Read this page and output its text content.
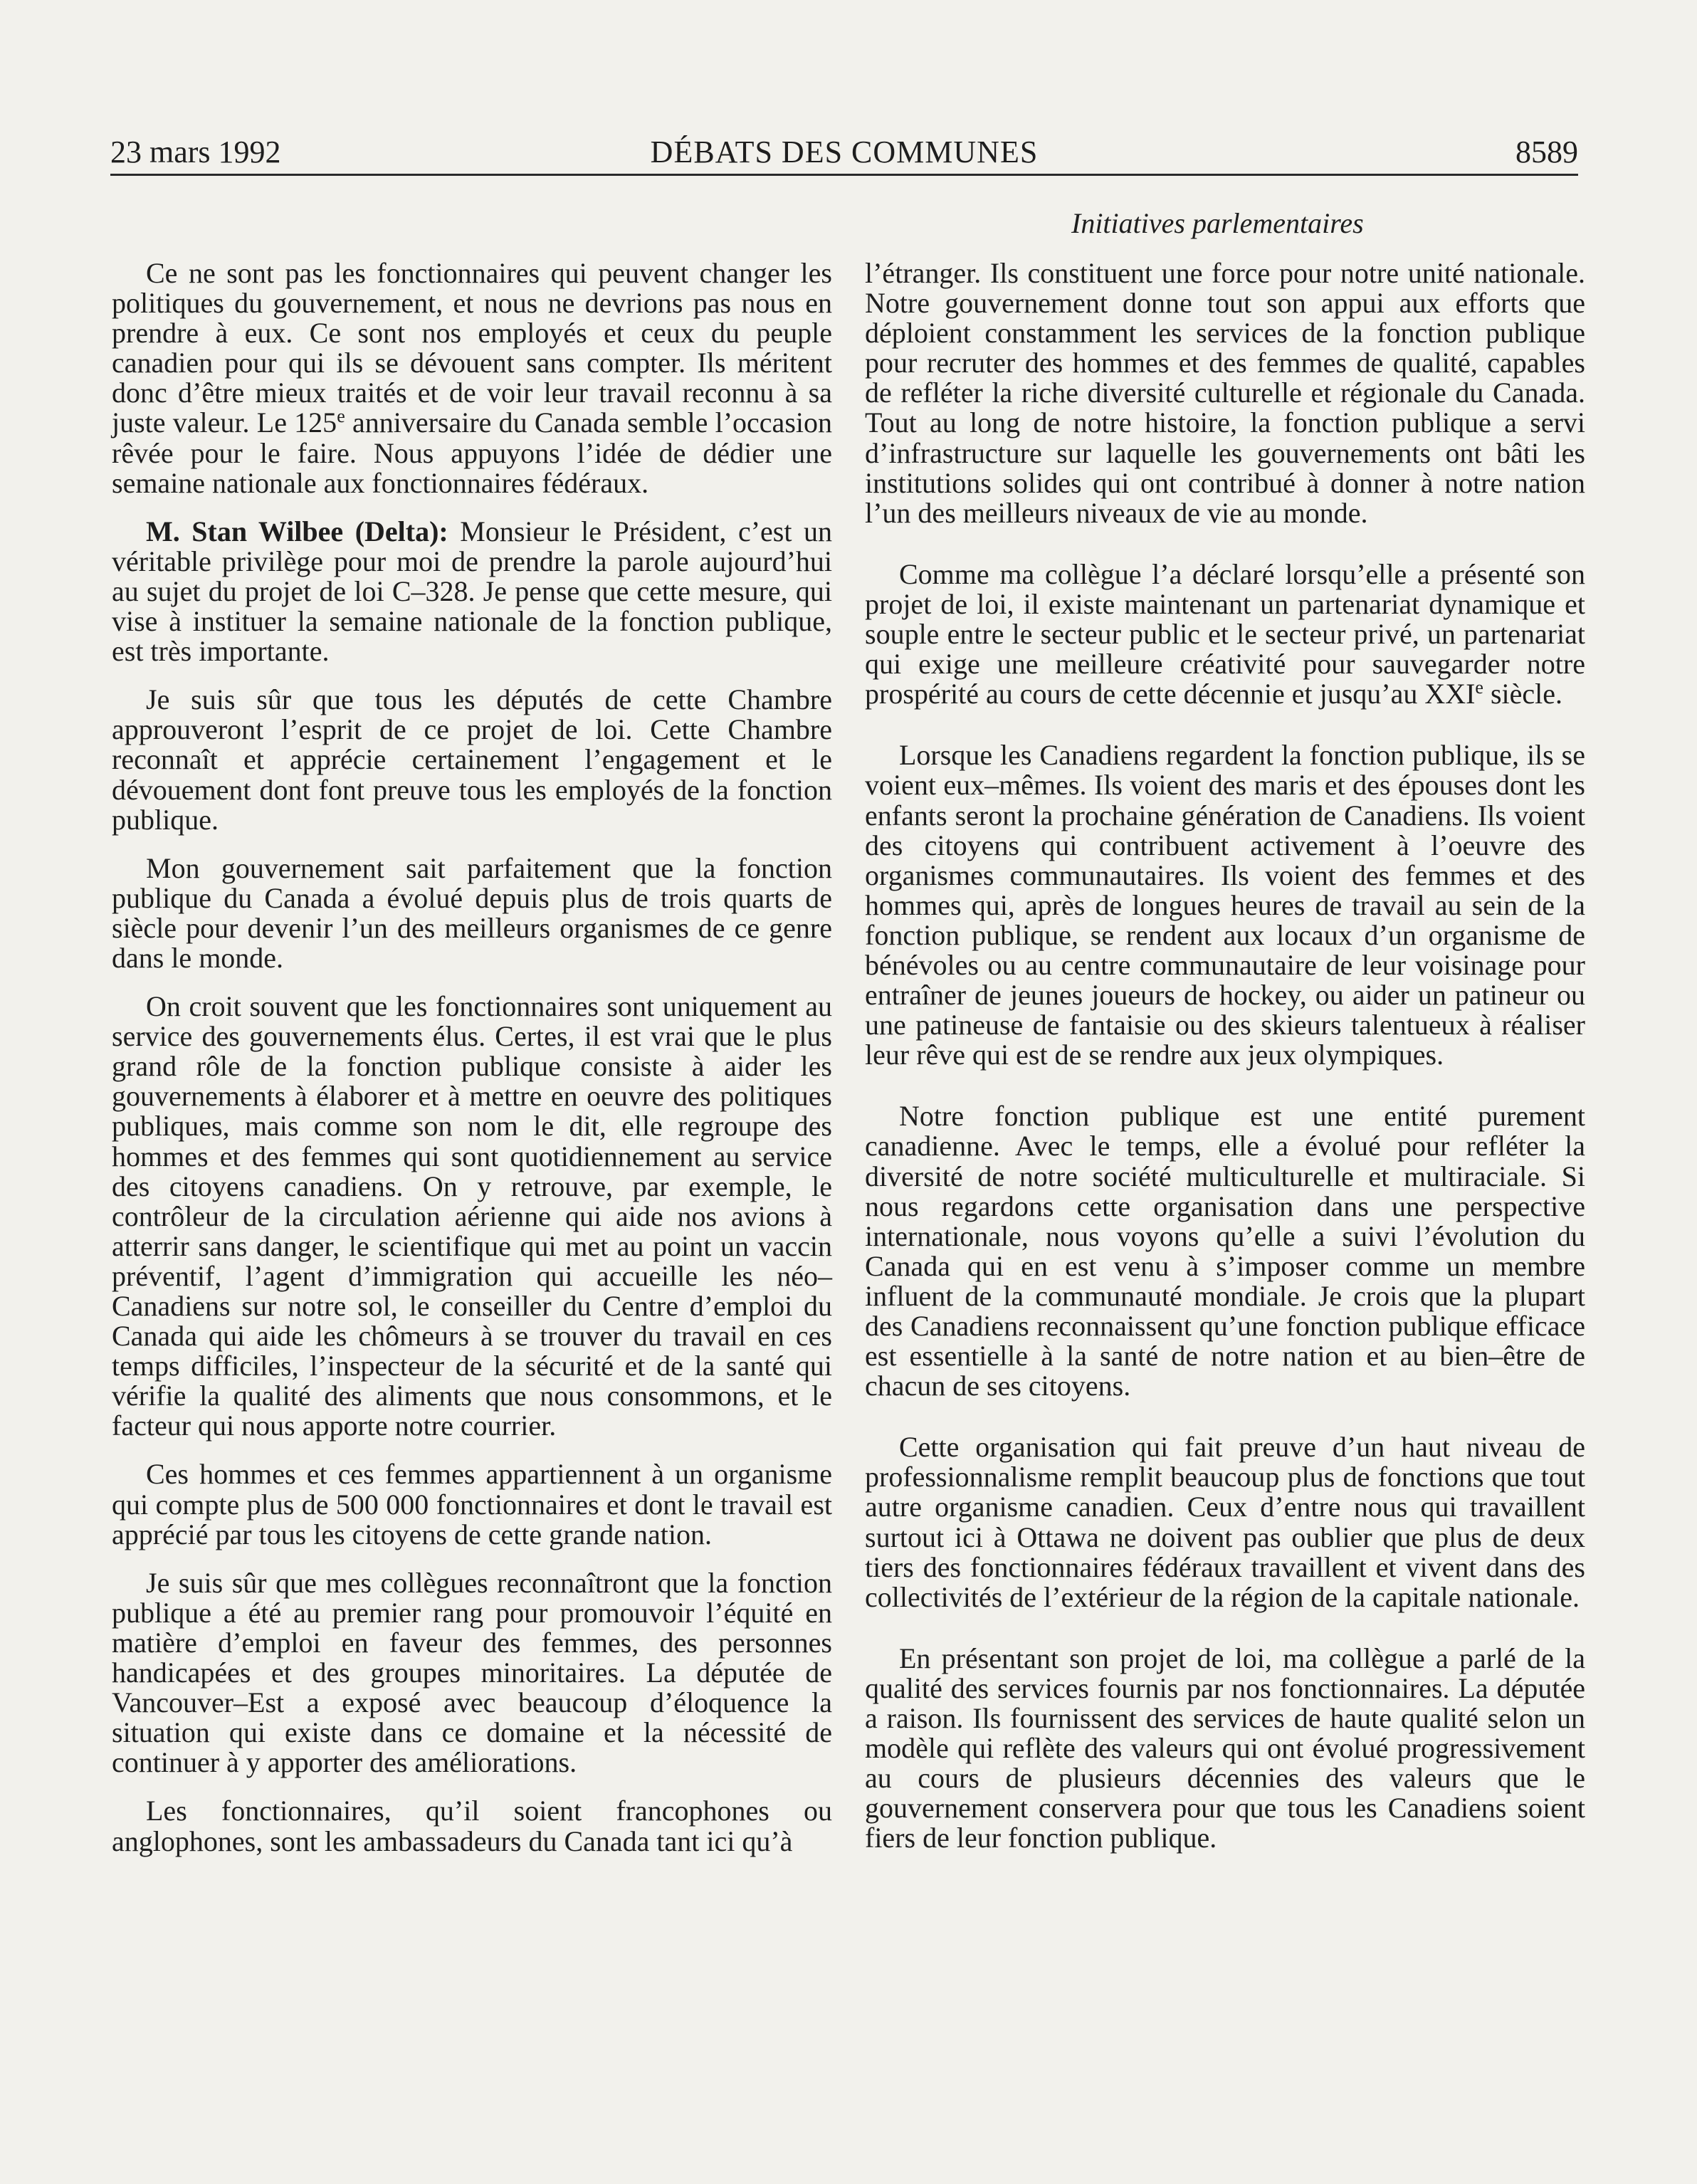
23 mars 1992	DÉBATS DES COMMUNES	8589
Initiatives parlementaires

Ce ne sont pas les fonctionnaires qui peuvent changer les politiques du gouvernement, et nous ne devrions pas nous en prendre à eux. Ce sont nos employés et ceux du peuple canadien pour qui ils se dévouent sans compter. Ils méritent donc d’être mieux traités et de voir leur travail reconnu à sa juste valeur. Le 125e anniversaire du Canada semble l’occasion rêvée pour le faire. Nous appuyons l’idée de dédier une semaine nationale aux fonctionnaires fédéraux.

M. Stan Wilbee (Delta): Monsieur le Président, c’est un véritable privilège pour moi de prendre la parole aujourd’hui au sujet du projet de loi C–328. Je pense que cette mesure, qui vise à instituer la semaine nationale de la fonction publique, est très importante.

Je suis sûr que tous les députés de cette Chambre approuveront l’esprit de ce projet de loi. Cette Chambre reconnaît et apprécie certainement l’engagement et le dévouement dont font preuve tous les employés de la fonction publique.

Mon gouvernement sait parfaitement que la fonction publique du Canada a évolué depuis plus de trois quarts de siècle pour devenir l’un des meilleurs organismes de ce genre dans le monde.

On croit souvent que les fonctionnaires sont uniquement au service des gouvernements élus. Certes, il est vrai que le plus grand rôle de la fonction publique consiste à aider les gouvernements à élaborer et à mettre en oeuvre des politiques publiques, mais comme son nom le dit, elle regroupe des hommes et des femmes qui sont quotidiennement au service des citoyens canadiens. On y retrouve, par exemple, le contrôleur de la circulation aérienne qui aide nos avions à atterrir sans danger, le scientifique qui met au point un vaccin préventif, l’agent d’immigration qui accueille les néo–Canadiens sur notre sol, le conseiller du Centre d’emploi du Canada qui aide les chômeurs à se trouver du travail en ces temps difficiles, l’inspecteur de la sécurité et de la santé qui vérifie la qualité des aliments que nous consommons, et le facteur qui nous apporte notre courrier.

Ces hommes et ces femmes appartiennent à un organisme qui compte plus de 500 000 fonctionnaires et dont le travail est apprécié par tous les citoyens de cette grande nation.

Je suis sûr que mes collègues reconnaîtront que la fonction publique a été au premier rang pour promouvoir l’équité en matière d’emploi en faveur des femmes, des personnes handicapées et des groupes minoritaires. La députée de Vancouver–Est a exposé avec beaucoup d’éloquence la situation qui existe dans ce domaine et la nécessité de continuer à y apporter des améliorations.

Les fonctionnaires, qu’il soient francophones ou anglophones, sont les ambassadeurs du Canada tant ici qu’à

l’étranger. Ils constituent une force pour notre unité nationale. Notre gouvernement donne tout son appui aux efforts que déploient constamment les services de la fonction publique pour recruter des hommes et des femmes de qualité, capables de refléter la riche diversité culturelle et régionale du Canada. Tout au long de notre histoire, la fonction publique a servi d’infrastructure sur laquelle les gouvernements ont bâti les institutions solides qui ont contribué à donner à notre nation l’un des meilleurs niveaux de vie au monde.

Comme ma collègue l’a déclaré lorsqu’elle a présenté son projet de loi, il existe maintenant un partenariat dynamique et souple entre le secteur public et le secteur privé, un partenariat qui exige une meilleure créativité pour sauvegarder notre prospérité au cours de cette décennie et jusqu’au XXIe siècle.

Lorsque les Canadiens regardent la fonction publique, ils se voient eux–mêmes. Ils voient des maris et des épouses dont les enfants seront la prochaine génération de Canadiens. Ils voient des citoyens qui contribuent activement à l’oeuvre des organismes communautaires. Ils voient des femmes et des hommes qui, après de longues heures de travail au sein de la fonction publique, se rendent aux locaux d’un organisme de bénévoles ou au centre communautaire de leur voisinage pour entraîner de jeunes joueurs de hockey, ou aider un patineur ou une patineuse de fantaisie ou des skieurs talentueux à réaliser leur rêve qui est de se rendre aux jeux olympiques.

Notre fonction publique est une entité purement canadienne. Avec le temps, elle a évolué pour refléter la diversité de notre société multiculturelle et multiraciale. Si nous regardons cette organisation dans une perspective internationale, nous voyons qu’elle a suivi l’évolution du Canada qui en est venu à s’imposer comme un membre influent de la communauté mondiale. Je crois que la plupart des Canadiens reconnaissent qu’une fonction publique efficace est essentielle à la santé de notre nation et au bien–être de chacun de ses citoyens.

Cette organisation qui fait preuve d’un haut niveau de professionnalisme remplit beaucoup plus de fonctions que tout autre organisme canadien. Ceux d’entre nous qui travaillent surtout ici à Ottawa ne doivent pas oublier que plus de deux tiers des fonctionnaires fédéraux travaillent et vivent dans des collectivités de l’extérieur de la région de la capitale nationale.

En présentant son projet de loi, ma collègue a parlé de la qualité des services fournis par nos fonctionnaires. La députée a raison. Ils fournissent des services de haute qualité selon un modèle qui reflète des valeurs qui ont évolué progressivement au cours de plusieurs décennies des valeurs que le gouvernement conservera pour que tous les Canadiens soient fiers de leur fonction publique.
